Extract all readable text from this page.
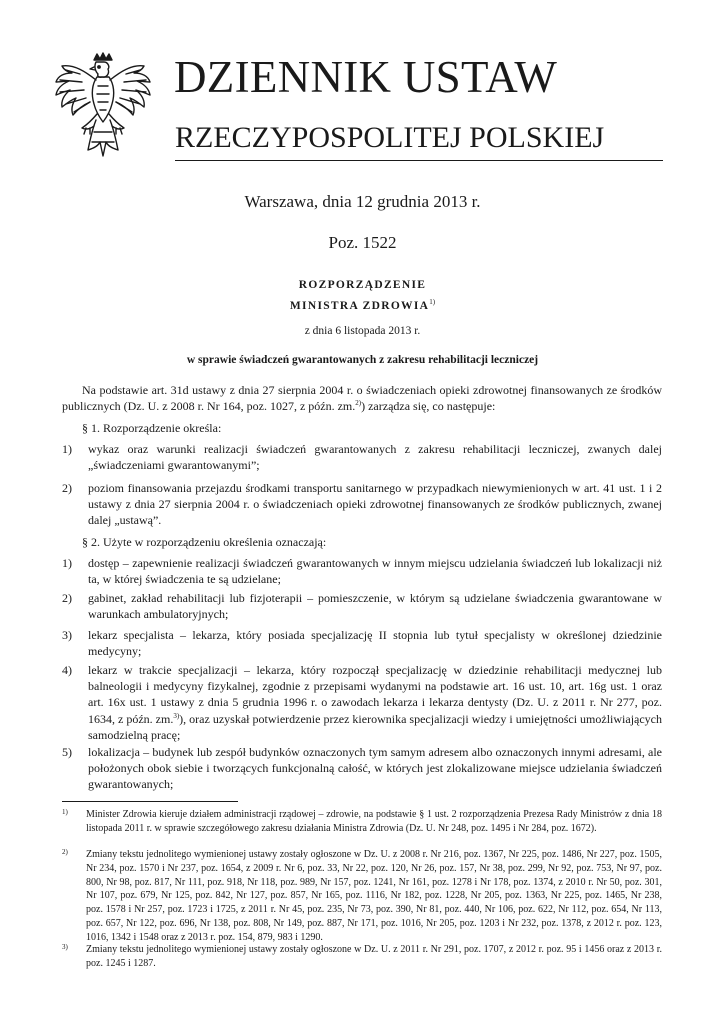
DZIENNIK USTAW
RZECZYPOSPOLITEJ POLSKIEJ
Warszawa, dnia 12 grudnia 2013 r.
Poz. 1522
ROZPORZĄDZENIE
MINISTRA ZDROWIA$^{1)}$
z dnia 6 listopada 2013 r.
w sprawie świadczeń gwarantowanych z zakresu rehabilitacji leczniczej
Na podstawie art. 31d ustawy z dnia 27 sierpnia 2004 r. o świadczeniach opieki zdrowotnej finansowanych ze środków publicznych (Dz. U. z 2008 r. Nr 164, poz. 1027, z późn. zm.$^{2)}$) zarządza się, co następuje:
§ 1. Rozporządzenie określa:
1) wykaz oraz warunki realizacji świadczeń gwarantowanych z zakresu rehabilitacji leczniczej, zwanych dalej „świadczeniami gwarantowanymi”;
2) poziom finansowania przejazdu środkami transportu sanitarnego w przypadkach niewymienionych w art. 41 ust. 1 i 2 ustawy z dnia 27 sierpnia 2004 r. o świadczeniach opieki zdrowotnej finansowanych ze środków publicznych, zwanej dalej „ustawą”.
§ 2. Użyte w rozporządzeniu określenia oznaczają:
1) dostęp – zapewnienie realizacji świadczeń gwarantowanych w innym miejscu udzielania świadczeń lub lokalizacji niż ta, w której świadczenia te są udzielane;
2) gabinet, zakład rehabilitacji lub fizjoterapii – pomieszczenie, w którym są udzielane świadczenia gwarantowane w warunkach ambulatoryjnych;
3) lekarz specjalista – lekarza, który posiada specjalizację II stopnia lub tytuł specjalisty w określonej dziedzinie medycyny;
4) lekarz w trakcie specjalizacji – lekarza, który rozpoczął specjalizację w dziedzinie rehabilitacji medycznej lub balneologii i medycyny fizykalnej, zgodnie z przepisami wydanymi na podstawie art. 16 ust. 10, art. 16g ust. 1 oraz art. 16x ust. 1 ustawy z dnia 5 grudnia 1996 r. o zawodach lekarza i lekarza dentysty (Dz. U. z 2011 r. Nr 277, poz. 1634, z późn. zm.$^{3)}$), oraz uzyskał potwierdzenie przez kierownika specjalizacji wiedzy i umiejętności umożliwiających samodzielną pracę;
5) lokalizacja – budynek lub zespół budynków oznaczonych tym samym adresem albo oznaczonych innymi adresami, ale położonych obok siebie i tworzących funkcjonalną całość, w których jest zlokalizowane miejsce udzielania świadczeń gwarantowanych;
1) Minister Zdrowia kieruje działem administracji rządowej – zdrowie, na podstawie § 1 ust. 2 rozporządzenia Prezesa Rady Ministrów z dnia 18 listopada 2011 r. w sprawie szczegółowego zakresu działania Ministra Zdrowia (Dz. U. Nr 248, poz. 1495 i Nr 284, poz. 1672).
2) Zmiany tekstu jednolitego wymienionej ustawy zostały ogłoszone w Dz. U. z 2008 r. Nr 216, poz. 1367, Nr 225, poz. 1486, Nr 227, poz. 1505, Nr 234, poz. 1570 i Nr 237, poz. 1654, z 2009 r. Nr 6, poz. 33, Nr 22, poz. 120, Nr 26, poz. 157, Nr 38, poz. 299, Nr 92, poz. 753, Nr 97, poz. 800, Nr 98, poz. 817, Nr 111, poz. 918, Nr 118, poz. 989, Nr 157, poz. 1241, Nr 161, poz. 1278 i Nr 178, poz. 1374, z 2010 r. Nr 50, poz. 301, Nr 107, poz. 679, Nr 125, poz. 842, Nr 127, poz. 857, Nr 165, poz. 1116, Nr 182, poz. 1228, Nr 205, poz. 1363, Nr 225, poz. 1465, Nr 238, poz. 1578 i Nr 257, poz. 1723 i 1725, z 2011 r. Nr 45, poz. 235, Nr 73, poz. 390, Nr 81, poz. 440, Nr 106, poz. 622, Nr 112, poz. 654, Nr 113, poz. 657, Nr 122, poz. 696, Nr 138, poz. 808, Nr 149, poz. 887, Nr 171, poz. 1016, Nr 205, poz. 1203 i Nr 232, poz. 1378, z 2012 r. poz. 123, 1016, 1342 i 1548 oraz z 2013 r. poz. 154, 879, 983 i 1290.
3) Zmiany tekstu jednolitego wymienionej ustawy zostały ogłoszone w Dz. U. z 2011 r. Nr 291, poz. 1707, z 2012 r. poz. 95 i 1456 oraz z 2013 r. poz. 1245 i 1287.
